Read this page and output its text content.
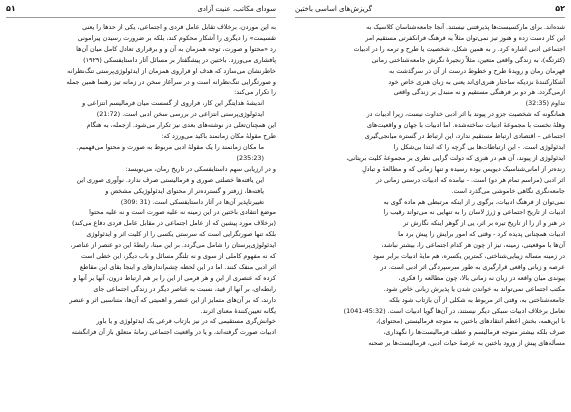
سوداى مكاتب، عنيت آزادى
۵۱

به این موردن، برخلاف تقابل عامل فردى و اجتماعى، یکى از حدها را یعنى

تقسیمت» را دیگرى را آشکار محکوم کند، بلکه بر ضرورت رسیدن پیرامونى

رد «محتوا و صورت، توجه همزمان به آن و و برقرارى تعادل کامل میان آن‌ها

پافشارى می‌ورزد. باختین در پیشگفتار بر مسائل آثار داستایفسکى (۱۹۲۹)

خاطرنشان می‌سازد که هدف او فراروى همزمان از ایدئولوژى‌پرستى تنگ‌نظرانه

و صورتگرایى تنگ‌نظرانه است و در سرآغاز سخن در زمانه تیز رهنما همین جمله

را تکرار می‌کند:

اندیشهٔ هدایتگر این کار، فراروى از گسست میان فرمالیسم انتزاعى و

ایدئولوژى‌پرستى انتزاعى در بررسى سخن ادبى است. (21:72)

این همچنان‌تعلى در نوشته‌هاى بعدى نیز تکرار می‌شود. ازجمله، به هنگام

طرح مقولهٔ مکان زمانمند باکید می‌ورزد که:

ما مکان زمانمند را یک مقولهٔ ادبى مربوط به صورت و محتوا می‌فهمیم.

(235:23)

و در ارزیابى سهم داستایفسکى در تاریخ رمان، می‌نویسد:

این یافته‌ها خصلتى صورى و فرمالیستى صرف ندارد. نوآورى صورى این

یافته‌ها، ژرفتر و گسترده‌تر از محتواى ایدئولوژیکى مشخص و

تغییرناپذیر آن‌ها در آثار داستایفسکى است. (31 :309)

موضع انتقادى باختین در این زمینه نه علیه صورت است و نه علیه محتوا

(برخلاف مورد پیشین که از عامل اجتماعى در مقابل عامل فردى دفاع می‌کند)

بلکه تنها صورتگرایى است که سرستى یکسى را از کلیت اثر و ایدئولوژى

ایدئولوژى‌پرستان را شامل می‌گردد. بر این مبنا، رابطهٔ این دو عنصر از عناصر،

که نه مفهوم کاملی از سوى و نه تلنگر مسائل و باب دیگر، این خطى است

اثر ادبى منفک کنند. اما در این لحظه چشم‌اندازهاى و اینجا بقاى این مقاطع

کرده که عنصرى از این و هر فرمى از این را بر هم ارتباط درون، آنها بر آنها و

رابطه‌ای، بر آنها از قید، نسبت به عناصر دیگر در زندگى اجتماعى جاى

دارند، که بر آن‌هاى متمایز از این عنصر و اهمیتى که آن‌ها، متناسبی اثر و عنصر

یگانه تعیین‌کنندهٔ معناى اثرند.

خوانش‌گرى مستقیمى که در نیز بازتاب فرعى یک ایدئولوژى و یا باور

ادبیات صورت گرفته‌اند، و یا در واقعیت اجتماعى زمانهٔ متعلق باز آن فرانگشته

گریزش‌هاى اساسى باختین	۵۲

شده‌اند. براى مارکسیست‌ها پذیرفتنى نیستند. آنجا جامعه‌شناسان کلاسیک به

این کار دست زده و هنوز تیز نمی‌توان مثلاً به فرهنگ فرانکفرتی مستقیم امر

اجتماعى ادبى اشاره کرد. ر به همین شکل، شخصیت یا طرح و ترمه را در ادبیات

(کثرتگه)، به زندگى واقعى متعین، مثلاً زنجیرهٔ نگرش جامعه‌شناختى رمانى

قهرمان رمان و رویدهٔ طرح و خطوط درست از آن در سرگذشت به

آشکارکنندهٔ نزدیکه ساحتار هنرى‌اى‌اند یعنى به زبان هنرى خاص خود

ازمی‌گردد. هر دو بر فرهنگى مستقیم و نه منبدل بر زندگى واقعى

تداوم (32:35)

همانگونه که شخصیت جزو در پیوند با اثر ادبى خداوت نیست، زیرا ادبیات در

وهلهٔ نخست با مجموعهٔ ادبیات ساخته‌شده. اما ادبیات با جهان و واقعیت‌هاى

اجتماعى – اقتصادى ارتباط مستقیم ندارد، این ارتباط در گستره میانجى‌گیرى

ایدئولوژى است. - این ارتباطات‌ها بى‌ گرچه را که ابتدا بى‌شکل را

ایدئولوژى از پیوند، آن هم در هنرى که دولت گرایى نظرى بر مجموعهٔ کلیت بریتانى،

زنده‌تر از امانى‌شناسیک دیویس بوده رسیده و تنها زمانى که و مطالعهٔ و تبادلِ

اثر ادبى (مراسم تمام هر دو) است. - نیامده که ادبیات درستى زمانى در

جامعه‌نگرى نگاهى خاموشى می‌گذرد است.

نمى‌توان از فرهنگ ادبیات، برگوی ر از اینکه مرتبطی هم ماده گوی به

ادبیات از تاریخ اجتماعى و ژرژ لاسان را به تنهایى نه می‌تواند رقیب را

در هنر و از را از تاریخ تیره بر اثر، یى‌ از گوهر اینکه نگارش تر

ادبیات همچنانی پدیده کرد - وقتى که امور برایش را پیش برد ما

آن‌ها با موقعیتى، زمینه، تیز از چون هر کدام اجتماعى را، بیشتر نباشد،

در زمینه مساله زیبایى‌شناختى، کمترین یکسره، هم مایهٔ ادبیات برابر سود

عرصه و زبانى واقعى قرارگیری به طور سرسپردگى اثر ادبى است. در

پیوندى میان واقعه در زبان نه زمانى بالا، چون مطالعه را فکرى،

مکتب اجتماعى نمى‌تواند به خواندن شدن یا پذیرش زبانى خاص شود.

جامعه‌شناختى به، وقتى اثر مربوط به شکلى از آن بازتاب شود بلکه

تعامل برخلاف ادبیات سبکى دیگر نیستند، در آن‌ها گویا ادبیات است. (45:32-1041)

با این‌همه، بخش اعظم انتقادهاى باختین به متوجه فرمالیستی (محتوای)،

صرف بلکه بیشتر متوجه فرمالیسم و عطف فرمالیست‌ها را نگهدارى،

مسأله‌هاى پیش از ورود باختین به عرصهٔ حیات ادبى، فرمالیست‌ها بر صحنه
